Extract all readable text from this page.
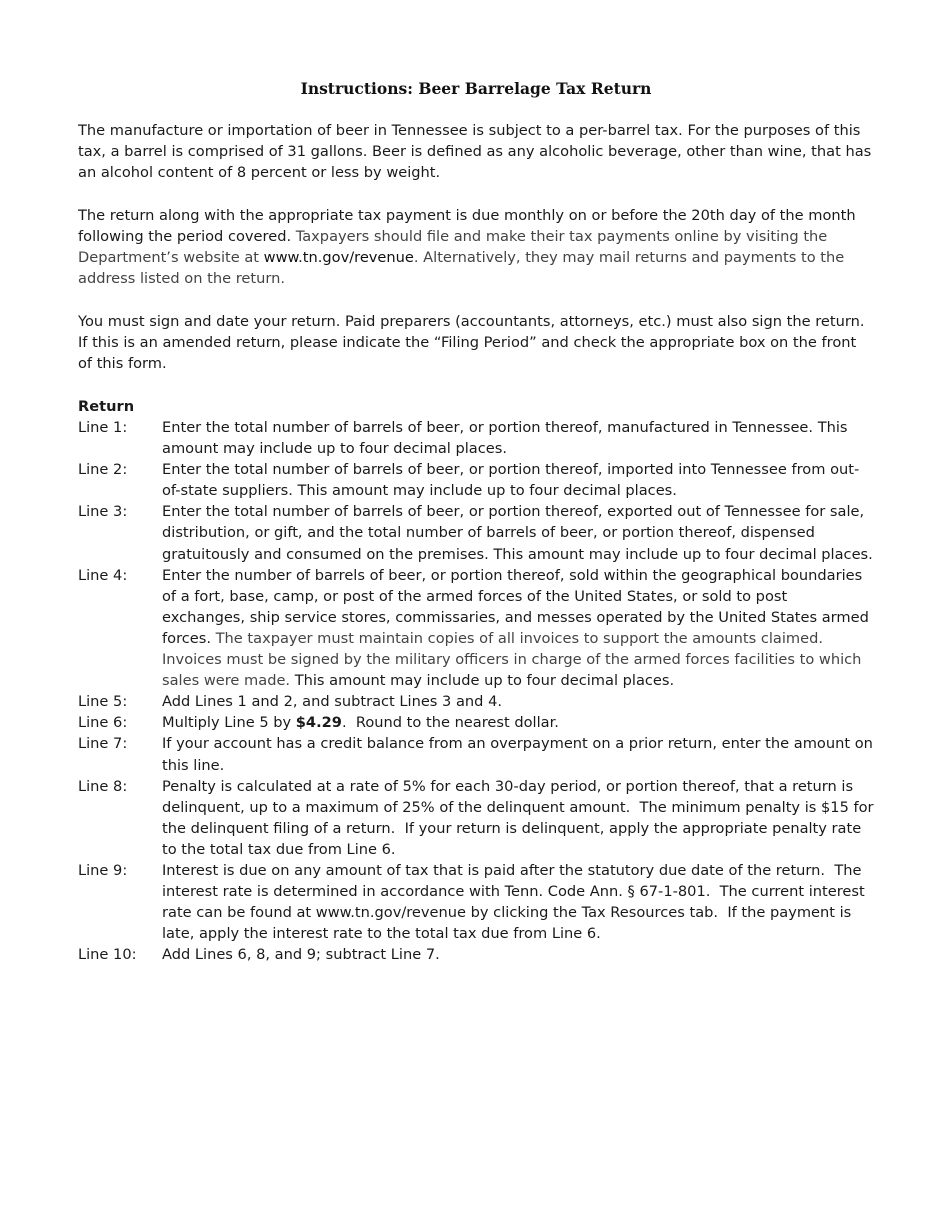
Instructions: Beer Barrelage Tax Return

The manufacture or importation of beer in Tennessee is subject to a per-barrel tax. For the purposes of this tax, a barrel is comprised of 31 gallons. Beer is defined as any alcoholic beverage, other than wine, that has an alcohol content of 8 percent or less by weight.

The return along with the appropriate tax payment is due monthly on or before the 20th day of the month following the period covered. Taxpayers should file and make their tax payments online by visiting the Department’s website at www.tn.gov/revenue. Alternatively, they may mail returns and payments to the address listed on the return.

You must sign and date your return. Paid preparers (accountants, attorneys, etc.) must also sign the return. If this is an amended return, please indicate the “Filing Period” and check the appropriate box on the front of this form.

Return
Line 1:	Enter the total number of barrels of beer, or portion thereof, manufactured in Tennessee. This amount may include up to four decimal places.
Line 2:	Enter the total number of barrels of beer, or portion thereof, imported into Tennessee from out-of-state suppliers. This amount may include up to four decimal places.
Line 3:	Enter the total number of barrels of beer, or portion thereof, exported out of Tennessee for sale, distribution, or gift, and the total number of barrels of beer, or portion thereof, dispensed gratuitously and consumed on the premises. This amount may include up to four decimal places.
Line 4:	Enter the number of barrels of beer, or portion thereof, sold within the geographical boundaries of a fort, base, camp, or post of the armed forces of the United States, or sold to post exchanges, ship service stores, commissaries, and messes operated by the United States armed forces. The taxpayer must maintain copies of all invoices to support the amounts claimed. Invoices must be signed by the military officers in charge of the armed forces facilities to which sales were made. This amount may include up to four decimal places.
Line 5:	Add Lines 1 and 2, and subtract Lines 3 and 4.
Line 6:	Multiply Line 5 by $4.29.  Round to the nearest dollar.
Line 7:	If your account has a credit balance from an overpayment on a prior return, enter the amount on this line.
Line 8:	Penalty is calculated at a rate of 5% for each 30-day period, or portion thereof, that a return is delinquent, up to a maximum of 25% of the delinquent amount.  The minimum penalty is $15 for the delinquent filing of a return.  If your return is delinquent, apply the appropriate penalty rate to the total tax due from Line 6.
Line 9:	Interest is due on any amount of tax that is paid after the statutory due date of the return.  The interest rate is determined in accordance with Tenn. Code Ann. § 67-1-801.  The current interest rate can be found at www.tn.gov/revenue by clicking the Tax Resources tab.  If the payment is late, apply the interest rate to the total tax due from Line 6.
Line 10:	Add Lines 6, 8, and 9; subtract Line 7.
